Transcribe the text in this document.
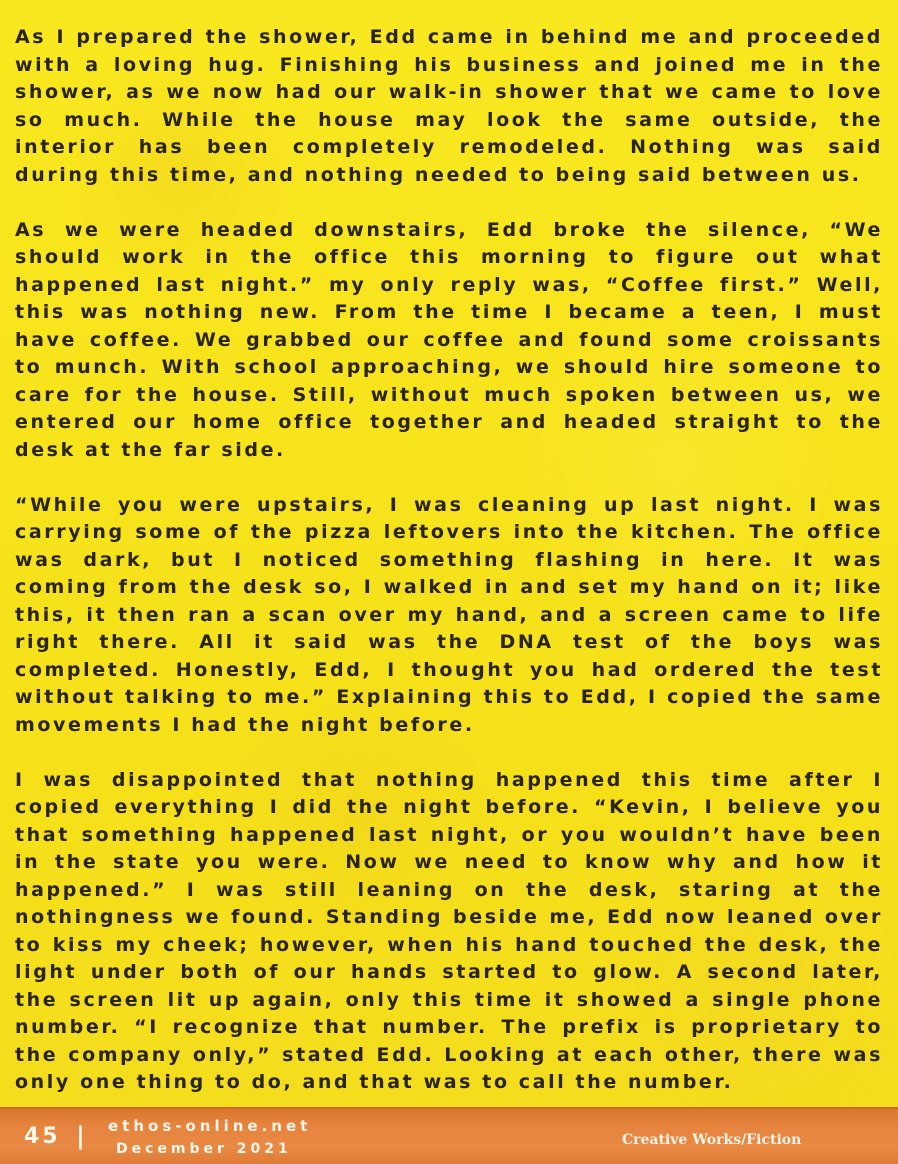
As I prepared the shower, Edd came in behind me and proceeded with a loving hug. Finishing his business and joined me in the shower, as we now had our walk-in shower that we came to love so much. While the house may look the same outside, the interior has been completely remodeled. Nothing was said during this time, and nothing needed to being said between us.

As we were headed downstairs, Edd broke the silence, “We should work in the office this morning to figure out what happened last night.” my only reply was, “Coffee first.” Well, this was nothing new. From the time I became a teen, I must have coffee. We grabbed our coffee and found some croissants to munch. With school approaching, we should hire someone to care for the house. Still, without much spoken between us, we entered our home office together and headed straight to the desk at the far side.

“While you were upstairs, I was cleaning up last night. I was carrying some of the pizza leftovers into the kitchen. The office was dark, but I noticed something flashing in here. It was coming from the desk so, I walked in and set my hand on it; like this, it then ran a scan over my hand, and a screen came to life right there. All it said was the DNA test of the boys was completed. Honestly, Edd, I thought you had ordered the test without talking to me.” Explaining this to Edd, I copied the same movements I had the night before.

I was disappointed that nothing happened this time after I copied everything I did the night before. “Kevin, I believe you that something happened last night, or you wouldn’t have been in the state you were. Now we need to know why and how it happened.” I was still leaning on the desk, staring at the nothingness we found. Standing beside me, Edd now leaned over to kiss my cheek; however, when his hand touched the desk, the light under both of our hands started to glow. A second later, the screen lit up again, only this time it showed a single phone number. “I recognize that number. The prefix is proprietary to the company only,” stated Edd. Looking at each other, there was only one thing to do, and that was to call the number.

45 | ethos-online.net
December 2021
Creative Works/Fiction
